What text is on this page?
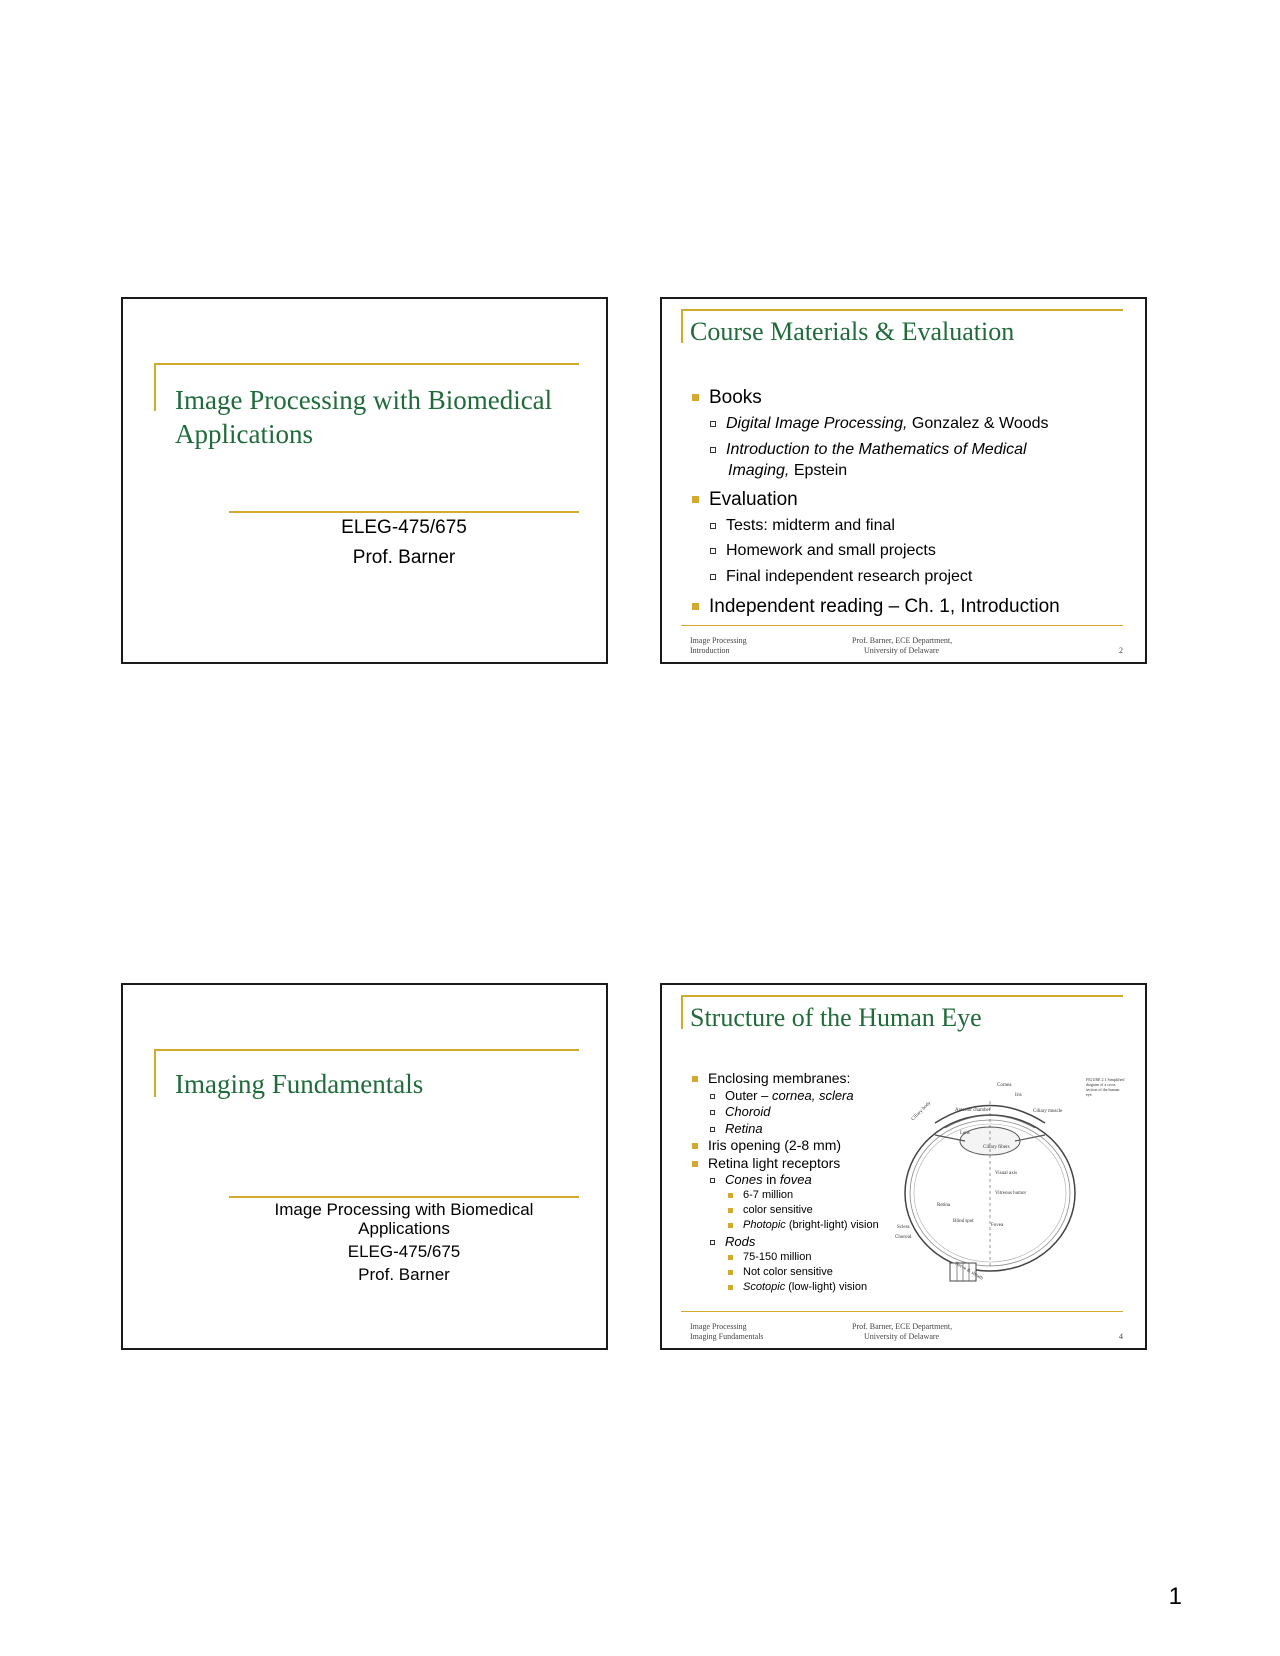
Image Processing with Biomedical
Applications
ELEG-475/675
Prof. Barner
Course Materials & Evaluation
Books
Digital Image Processing, Gonzalez & Woods
Introduction to the Mathematics of Medical
Imaging, Epstein
Evaluation
Tests: midterm and final
Homework and small projects
Final independent research project
Independent reading – Ch. 1, Introduction
Image Processing
Introduction
Prof. Barner, ECE Department,
University of Delaware	2
Imaging Fundamentals
Image Processing with Biomedical
Applications
ELEG-475/675
Prof. Barner
Structure of the Human Eye
Enclosing membranes:
Outer – cornea, sclera
Choroid
Retina
Iris opening (2-8 mm)
Retina light receptors
Cones in fovea
6-7 million
color sensitive
Photopic (bright-light) vision
Rods
75-150 million
Not color sensitive
Scotopic (low-light) vision
Cornea
Iris
Ciliary muscle
Anterior chamber
Ciliary body
Lens
Ciliary fibers
Visual axis
Vitreous humor
Retina
Blind spot
Fovea
Sclera
Choroid
Nerve & sheath
FIGURE 2.1 Simplified diagram of a cross section of the human eye.
Image Processing
Imaging Fundamentals
Prof. Barner, ECE Department,
University of Delaware	4
1
